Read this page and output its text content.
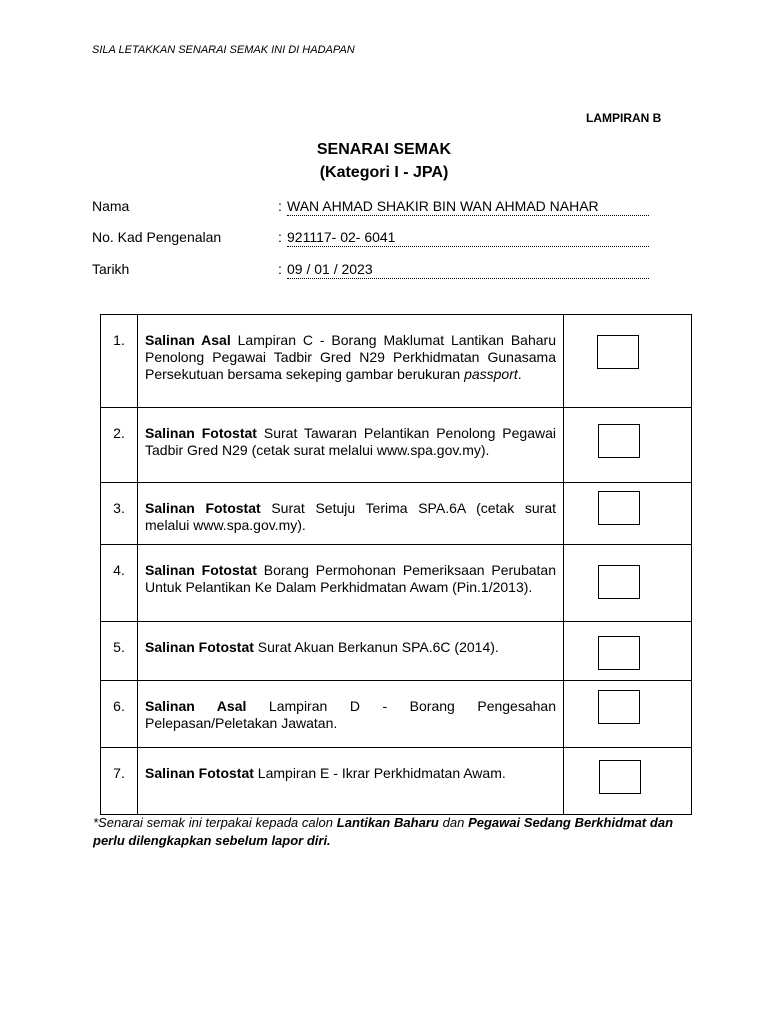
SILA LETAKKAN SENARAI SEMAK INI DI HADAPAN
LAMPIRAN B
SENARAI SEMAK
(Kategori I - JPA)
Nama	: WAN AHMAD SHAKIR BIN WAN AHMAD NAHAR
No. Kad Pengenalan	: 921117- 02- 6041
Tarikh	: 09 / 01 / 2023
1.	Salinan Asal Lampiran C - Borang Maklumat Lantikan Baharu Penolong Pegawai Tadbir Gred N29 Perkhidmatan Gunasama Persekutuan bersama sekeping gambar berukuran passport.	

2.	Salinan Fotostat Surat Tawaran Pelantikan Penolong Pegawai Tadbir Gred N29 (cetak surat melalui www.spa.gov.my).	

3.	Salinan Fotostat Surat Setuju Terima SPA.6A (cetak surat melalui www.spa.gov.my).	

4.	Salinan Fotostat Borang Permohonan Pemeriksaan Perubatan Untuk Pelantikan Ke Dalam Perkhidmatan Awam (Pin.1/2013).	

5.	Salinan Fotostat Surat Akuan Berkanun SPA.6C (2014).	

6.	Salinan Asal Lampiran D - Borang Pengesahan Pelepasan/Peletakan Jawatan.	

7.	Salinan Fotostat Lampiran E - Ikrar Perkhidmatan Awam.	
*Senarai semak ini terpakai kepada calon Lantikan Baharu dan Pegawai Sedang Berkhidmat dan perlu dilengkapkan sebelum lapor diri.
